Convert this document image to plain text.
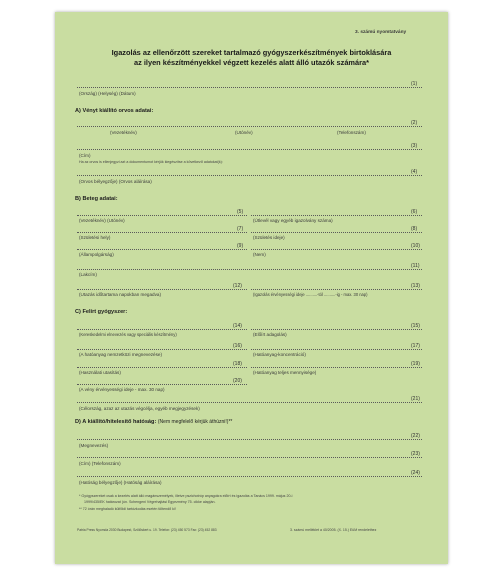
3. számú nyomtatvány
Igazolás az ellenőrzött szereket tartalmazó gyógyszerkészítmények birtoklására
az ilyen készítményekkel végzett kezelés alatt álló utazók számára*
(1)
(Ország) (Helység) (Dátum)
A) Vényt kiállító orvos adatai:
(2)
(Vezetéknév)	(Utónév)	(Telefonszám)
(3)
(Cím)
Ha az orvos is ellenjegyzi azt a dokumentumot kérjük kiegészítse a következő adatokat(k):
(4)
(Orvos bélyegzője) (Orvos aláírása)
B) Beteg adatai:
(5)
(Vezetéknév) (Utónév)
(6)
(Útlevél vagy egyéb igazolvány száma)
(7)
(Születési hely)
(8)
(Születés ideje)
(9)
(Állampolgárság)
(10)
(Nem)
(11)
(Lakcím)
(12)
(Utazás időtartama napokban megadva)
(13)
(Igazolás érvényességi ideje ..........-tól ..........-ig - max. 30 nap)
C) Felírt gyógyszer:
(14)
(Kereskedelmi elnevezés vagy speciális készítmény)
(15)
(Előírt adagolás)
(16)
(A hatóanyag nemzetközi megnevezése)
(17)
(Hatóanyag-koncentráció)
(18)
(Használati utasítás)
(19)
(Hatóanyag teljes mennyisége)
(20)
(A vény érvényességi ideje - max. 30 nap)
(21)
(Célország, azaz az utazás végcélja, egyéb megjegyzések)
D) A kiállító/hitelesítő hatóság: (Nem megfelelő kérjük áthúzni!)**
(22)
(Megnevezés)
(23)
(Cím) (Telefonszám)
(24)
(Hatóság bélyegzője) (Hatóság aláírása)
* Gyógyszereket csak a kezelés alatt álló magánszemélyek, illetve pszichotróp anyagokra előírt és igazolás a Tanács 1999. május 20-i
1999/435/EK határozat (ún. Schengeni Végrehajtási Egyezmény 75. cikke alapján.
** 72 órán meghaladó külföldi tartózkodás esetén töltendő ki!
Patria Press Nyomda 2030 Budapest, Szőlőskert u. 19. Telefon: (23) 450 573 Fax: (23) 452 883	3. számú melléklet a 40/2005. (X. 15.) EüM rendelethez
